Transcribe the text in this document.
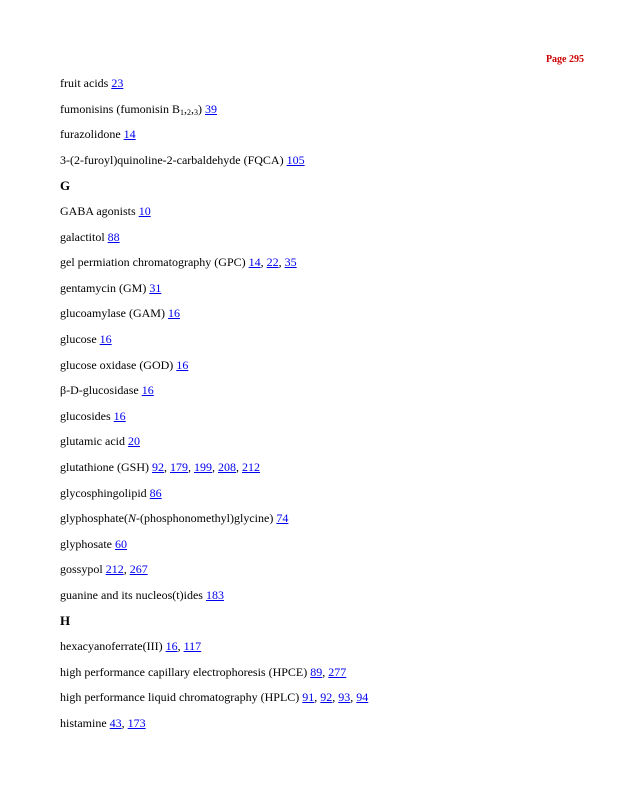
Page 295
fruit acids 23
fumonisins (fumonisin $B_1,_2,_3$) 39
furazolidone 14
3-(2-furoyl)quinoline-2-carbaldehyde (FQCA) 105
G
GABA agonists 10
galactitol 88
gel permiation chromatography (GPC) 14, 22, 35
gentamycin (GM) 31
glucoamylase (GAM) 16
glucose 16
glucose oxidase (GOD) 16
β-D-glucosidase 16
glucosides 16
glutamic acid 20
glutathione (GSH) 92, 179, 199, 208, 212
glycosphingolipid 86
glyphosphate(N-(phosphonomethyl)glycine) 74
glyphosate 60
gossypol 212, 267
guanine and its nucleos(t)ides 183
H
hexacyanoferrate(III) 16, 117
high performance capillary electrophoresis (HPCE) 89, 277
high performance liquid chromatography (HPLC) 91, 92, 93, 94
histamine 43, 173
